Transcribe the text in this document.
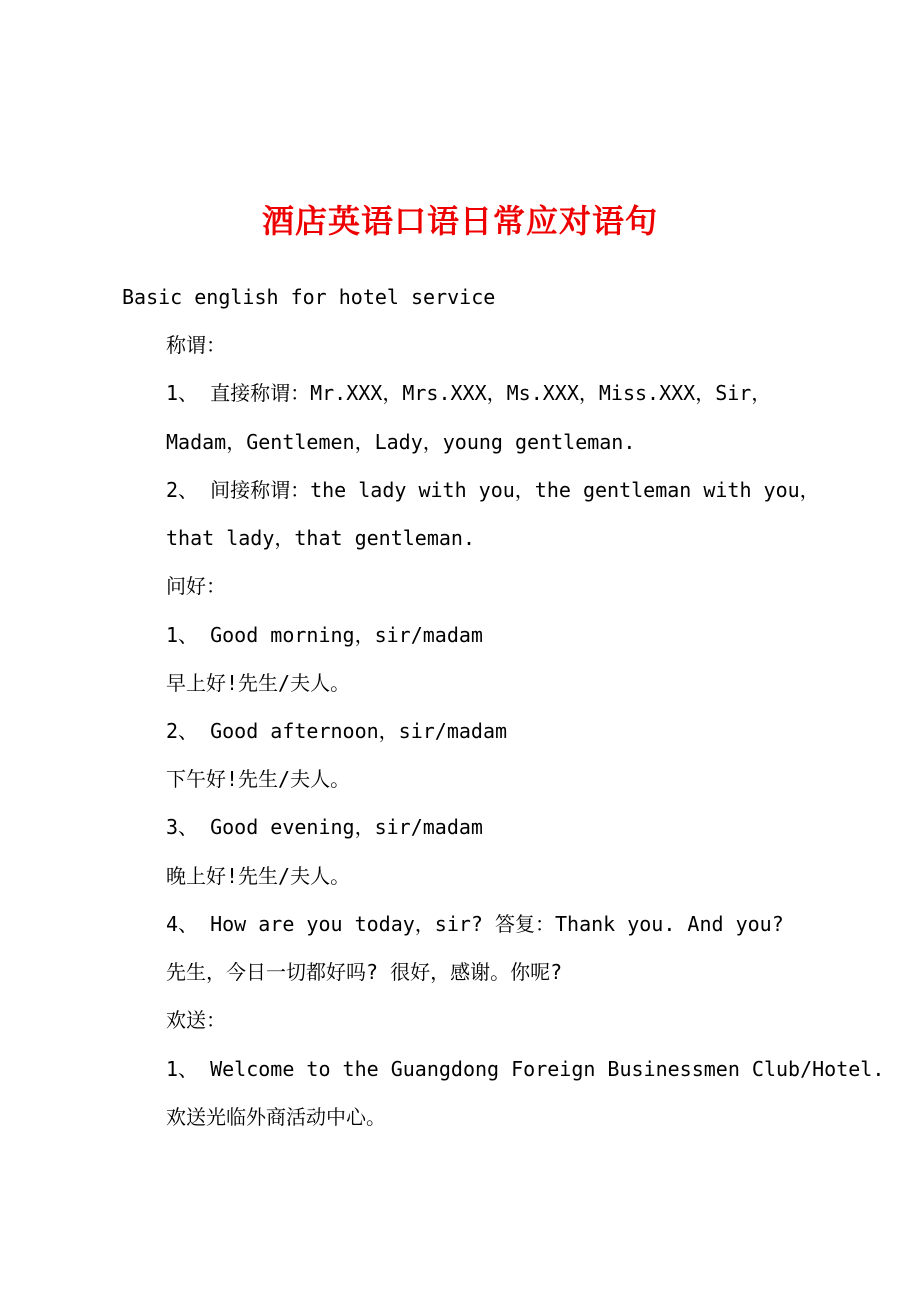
酒店英语口语日常应对语句
Basic english for hotel service
称谓：
1、 直接称谓：Mr.XXX，Mrs.XXX，Ms.XXX，Miss.XXX，Sir，
Madam，Gentlemen，Lady，young gentleman.
2、 间接称谓：the lady with you，the gentleman with you，
that lady，that gentleman.
问好：
1、 Good morning，sir/madam
早上好!先生/夫人。
2、 Good afternoon，sir/madam
下午好!先生/夫人。
3、 Good evening，sir/madam
晚上好!先生/夫人。
4、 How are you today，sir? 答复：Thank you. And you?
先生，今日一切都好吗? 很好，感谢。你呢?
欢送：
1、 Welcome to the Guangdong Foreign Businessmen Club/Hotel.
欢送光临外商活动中心。
